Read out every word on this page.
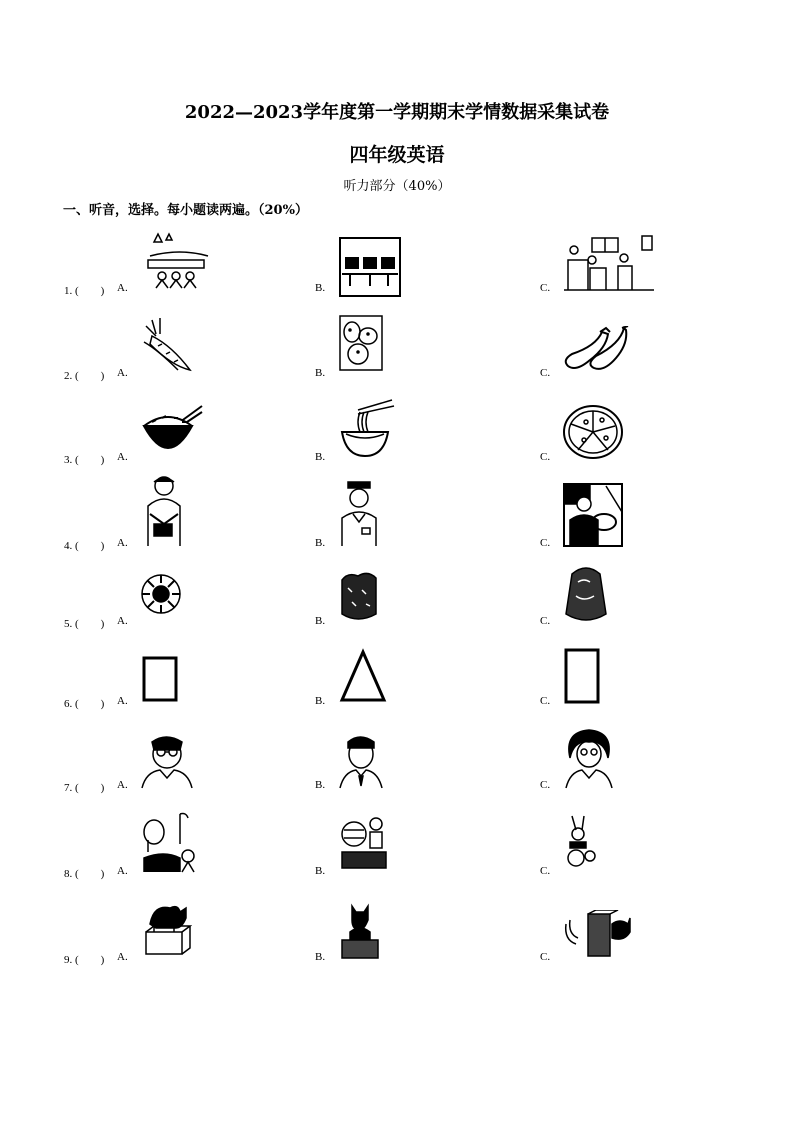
2022—2023学年度第一学期期末学情数据采集试卷
四年级英语
听力部分（40%）
一、听音，选择。每小题读两遍。（20%）
1. (　　) A.	B.	C.
2. (　　) A.	B.	C.
3. (　　) A.	B.	C.
4. (　　) A.	B.	C.
5. (　　) A.	B.	C.
6. (　　) A.	B.	C.
7. (　　) A.	B.	C.
8. (　　) A.	B.	C.
9. (　　) A.	B.	C.
